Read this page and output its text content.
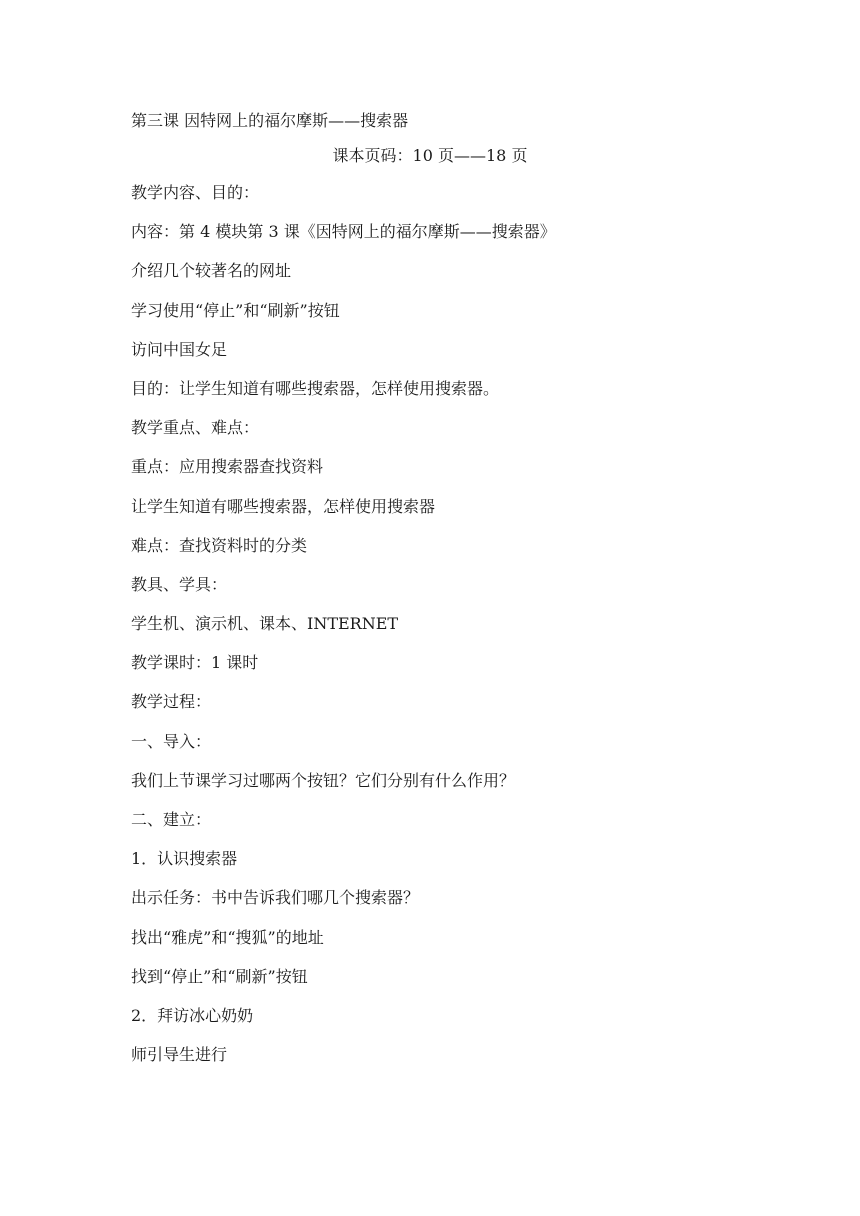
第三课 因特网上的福尔摩斯——搜索器
课本页码：10 页——18 页
教学内容、目的：
内容：第 4 模块第 3 课《因特网上的福尔摩斯——搜索器》
介绍几个较著名的网址
学习使用“停止”和“刷新”按钮
访问中国女足
目的：让学生知道有哪些搜索器，怎样使用搜索器。
教学重点、难点：
重点：应用搜索器查找资料
让学生知道有哪些搜索器，怎样使用搜索器
难点：查找资料时的分类
教具、学具：
学生机、演示机、课本、INTERNET
教学课时：1 课时
教学过程：
一、导入：
我们上节课学习过哪两个按钮？它们分别有什么作用？
二、建立：
1．认识搜索器
出示任务：书中告诉我们哪几个搜索器？
找出“雅虎”和“搜狐”的地址
找到“停止”和“刷新”按钮
2．拜访冰心奶奶
师引导生进行
